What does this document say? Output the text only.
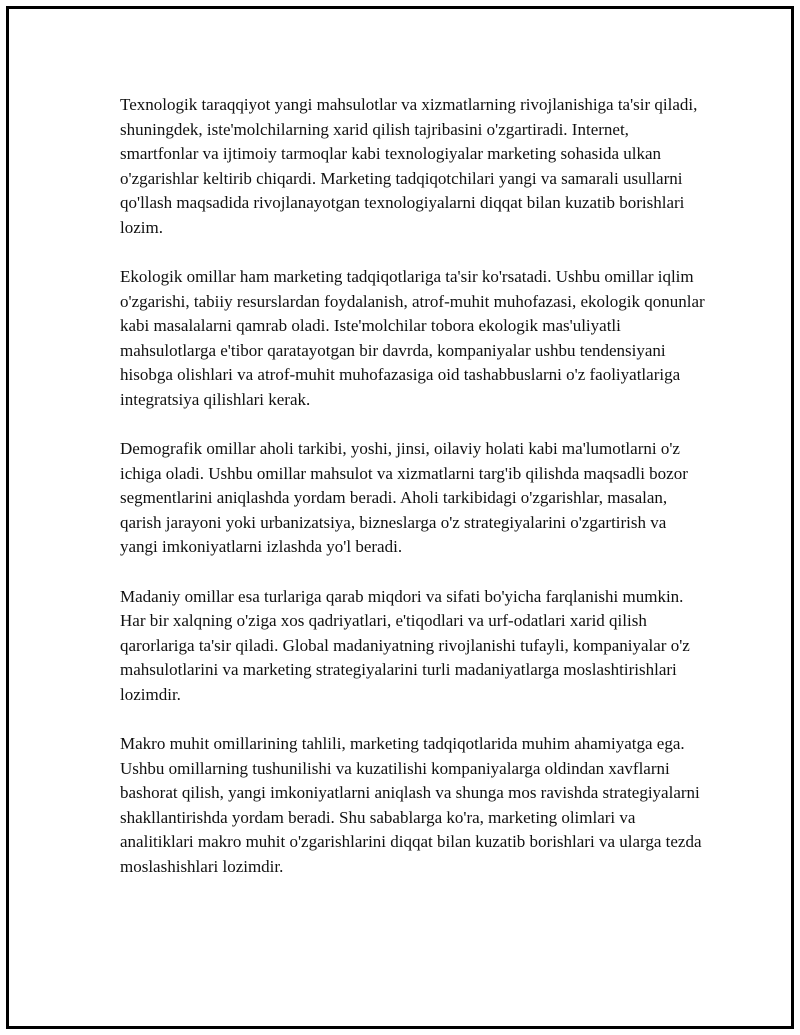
Texnologik taraqqiyot yangi mahsulotlar va xizmatlarning rivojlanishiga ta'sir qiladi, shuningdek, iste'molchilarning xarid qilish tajribasini o'zgartiradi. Internet, smartfonlar va ijtimoiy tarmoqlar kabi texnologiyalar marketing sohasida ulkan o'zgarishlar keltirib chiqardi. Marketing tadqiqotchilari yangi va samarali usullarni qo'llash maqsadida rivojlanayotgan texnologiyalarni diqqat bilan kuzatib borishlari lozim.

Ekologik omillar ham marketing tadqiqotlariga ta'sir ko'rsatadi. Ushbu omillar iqlim o'zgarishi, tabiiy resurslardan foydalanish, atrof-muhit muhofazasi, ekologik qonunlar kabi masalalarni qamrab oladi. Iste'molchilar tobora ekologik mas'uliyatli mahsulotlarga e'tibor qaratayotgan bir davrda, kompaniyalar ushbu tendensiyani hisobga olishlari va atrof-muhit muhofazasiga oid tashabbuslarni o'z faoliyatlariga integratsiya qilishlari kerak.

Demografik omillar aholi tarkibi, yoshi, jinsi, oilaviy holati kabi ma'lumotlarni o'z ichiga oladi. Ushbu omillar mahsulot va xizmatlarni targ'ib qilishda maqsadli bozor segmentlarini aniqlashda yordam beradi. Aholi tarkibidagi o'zgarishlar, masalan, qarish jarayoni yoki urbanizatsiya, bizneslarga o'z strategiyalarini o'zgartirish va yangi imkoniyatlarni izlashda yo'l beradi.

Madaniy omillar esa turlariga qarab miqdori va sifati bo'yicha farqlanishi mumkin. Har bir xalqning o'ziga xos qadriyatlari, e'tiqodlari va urf-odatlari xarid qilish qarorlariga ta'sir qiladi. Global madaniyatning rivojlanishi tufayli, kompaniyalar o'z mahsulotlarini va marketing strategiyalarini turli madaniyatlarga moslashtirishlari lozimdir.

Makro muhit omillarining tahlili, marketing tadqiqotlarida muhim ahamiyatga ega. Ushbu omillarning tushunilishi va kuzatilishi kompaniyalarga oldindan xavflarni bashorat qilish, yangi imkoniyatlarni aniqlash va shunga mos ravishda strategiyalarni shakllantirishda yordam beradi. Shu sabablarga ko'ra, marketing olimlari va analitiklari makro muhit o'zgarishlarini diqqat bilan kuzatib borishlari va ularga tezda moslashishlari lozimdir.
